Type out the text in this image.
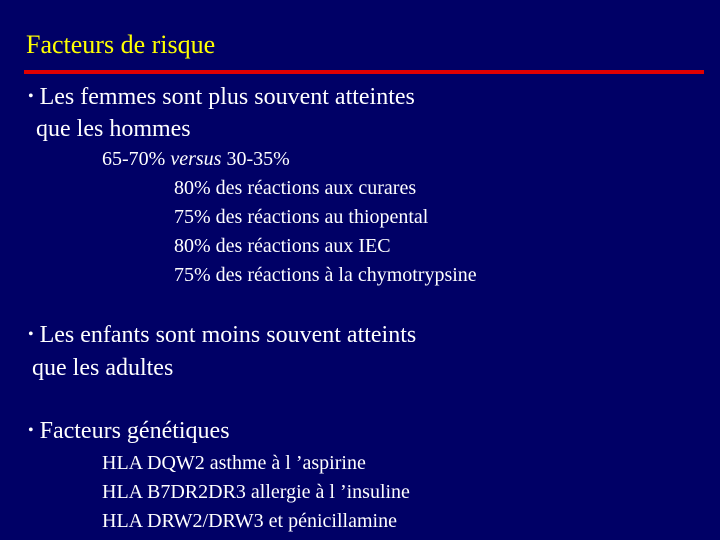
Facteurs de risque
• Les femmes sont plus souvent atteintes
que les hommes
65-70% versus 30-35%
80% des réactions aux curares
75% des réactions au thiopental
80% des réactions aux IEC
75% des réactions à la chymotrypsine
• Les enfants sont moins souvent atteints
que les adultes
• Facteurs génétiques
HLA DQW2 asthme à l ’aspirine
HLA B7DR2DR3 allergie à l ’insuline
HLA DRW2/DRW3 et pénicillamine
